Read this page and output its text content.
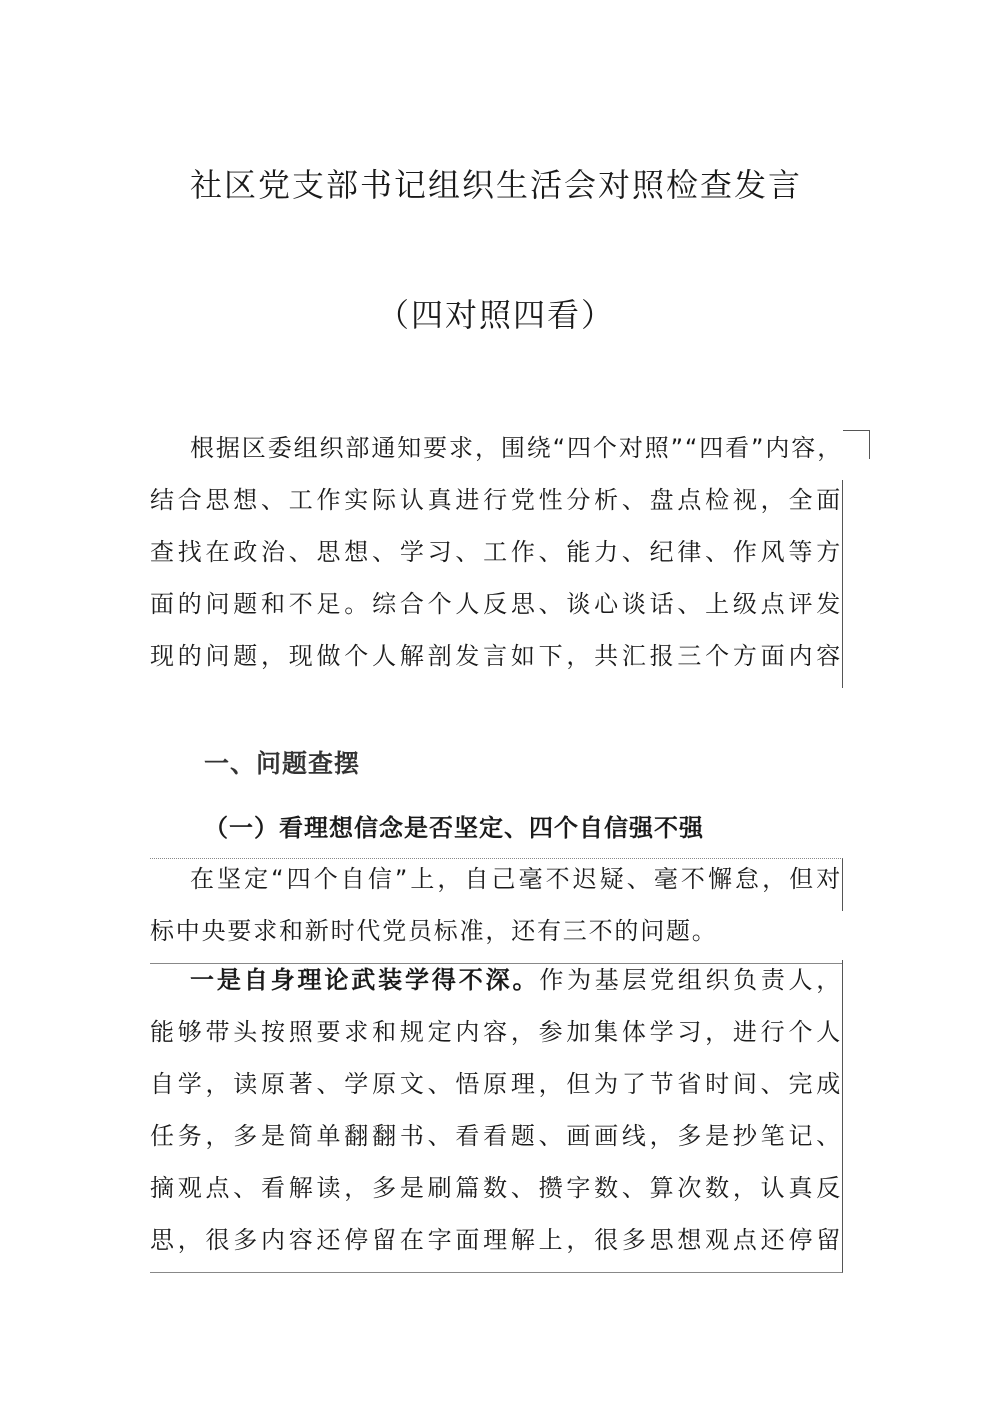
社区党支部书记组织生活会对照检查发言
（四对照四看）
根据区委组织部通知要求，围绕“四个对照”“四看”内容，
结合思想、工作实际认真进行党性分析、盘点检视，全面
查找在政治、思想、学习、工作、能力、纪律、作风等方
面的问题和不足。综合个人反思、谈心谈话、上级点评发
现的问题，现做个人解剖发言如下，共汇报三个方面内容
一、问题查摆
（一）看理想信念是否坚定、四个自信强不强
在坚定“四个自信”上，自己毫不迟疑、毫不懈怠，但对
标中央要求和新时代党员标准，还有三不的问题。
一是自身理论武装学得不深。作为基层党组织负责人，
能够带头按照要求和规定内容，参加集体学习，进行个人
自学，读原著、学原文、悟原理，但为了节省时间、完成
任务，多是简单翻翻书、看看题、画画线，多是抄笔记、
摘观点、看解读，多是刷篇数、攒字数、算次数，认真反
思，很多内容还停留在字面理解上，很多思想观点还停留
